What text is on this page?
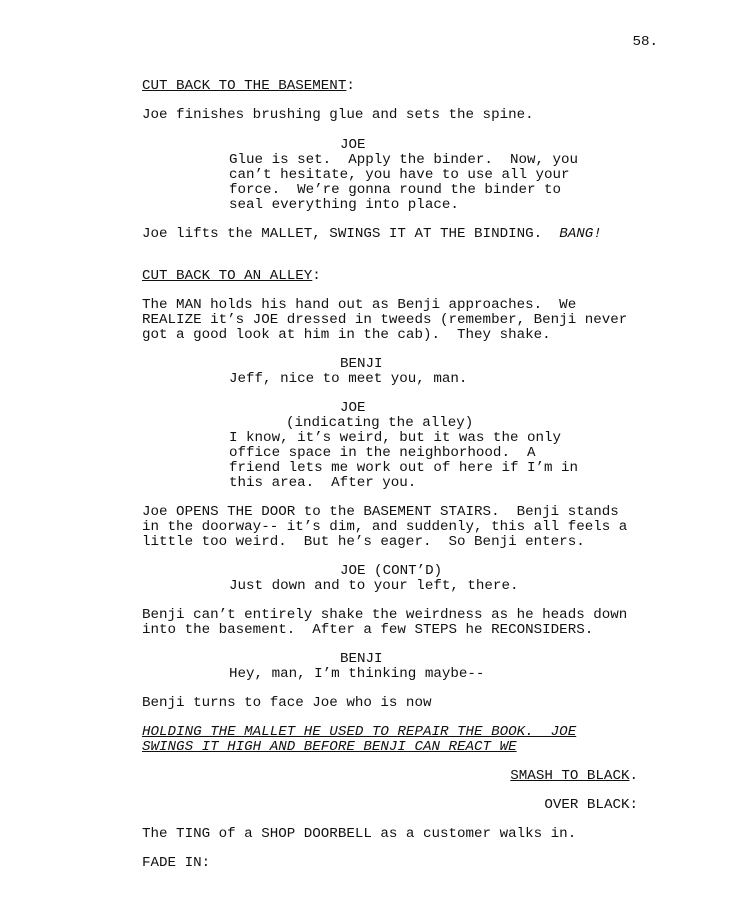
58.
CUT BACK TO THE BASEMENT:
Joe finishes brushing glue and sets the spine.
JOE
Glue is set.  Apply the binder.  Now, you
can’t hesitate, you have to use all your
force.  We’re gonna round the binder to
seal everything into place.
Joe lifts the MALLET, SWINGS IT AT THE BINDING. BANG!
CUT BACK TO AN ALLEY:
The MAN holds his hand out as Benji approaches.  We
REALIZE it’s JOE dressed in tweeds (remember, Benji never
got a good look at him in the cab).  They shake.
BENJI
Jeff, nice to meet you, man.
JOE
(indicating the alley)
I know, it’s weird, but it was the only
office space in the neighborhood.  A
friend lets me work out of here if I’m in
this area.  After you.
Joe OPENS THE DOOR to the BASEMENT STAIRS.  Benji stands
in the doorway-- it’s dim, and suddenly, this all feels a
little too weird.  But he’s eager.  So Benji enters.
JOE (CONT’D)
Just down and to your left, there.
Benji can’t entirely shake the weirdness as he heads down
into the basement.  After a few STEPS he RECONSIDERS.
BENJI
Hey, man, I’m thinking maybe--
Benji turns to face Joe who is now
HOLDING THE MALLET HE USED TO REPAIR THE BOOK.  JOE
SWINGS IT HIGH AND BEFORE BENJI CAN REACT WE
SMASH TO BLACK.
OVER BLACK:
The TING of a SHOP DOORBELL as a customer walks in.
FADE IN:
